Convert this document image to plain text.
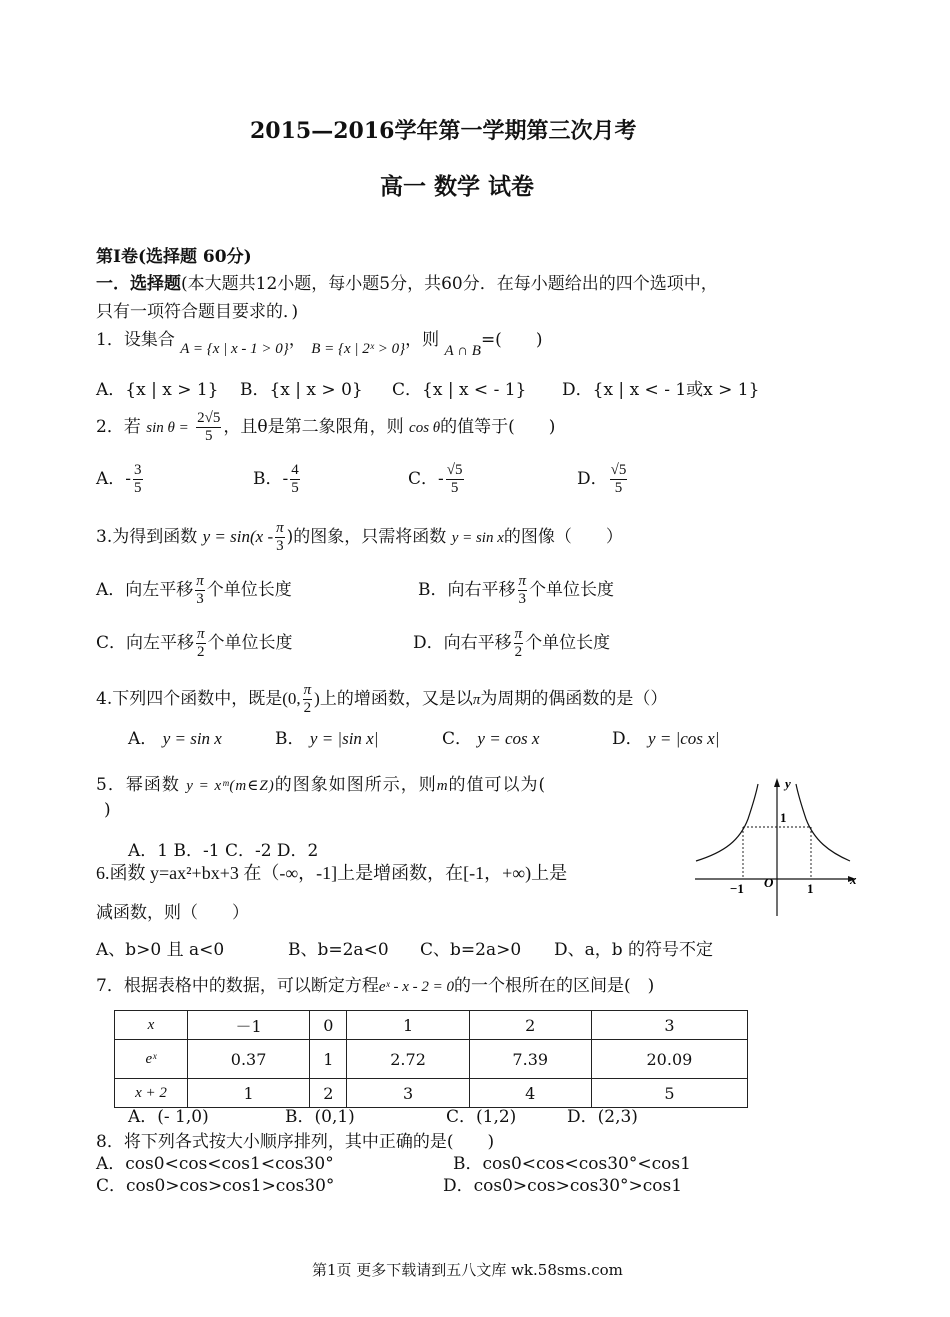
2015—2016学年第一学期第三次月考
高一 数学 试卷
第Ⅰ卷(选择题 60分)
一．选择题(本大题共12小题，每小题5分，共60分．在每小题给出的四个选项中，
只有一项符合题目要求的．)
1．设集合 A = {x | x - 1 > 0}， B = {x | 2ˣ > 0}，则 A ∩ B=(　　)
A．{x | x > 1} B．{x | x > 0} C．{x | x < - 1} D．{x | x < - 1或x > 1}
2．若 $\sin \theta = \frac{2√5}{5}$ ，且θ是第二象限角，则 cos θ的值等于(　　)
A．- $\frac{3}{5}$	B．- $\frac{4}{5}$	C．- $\frac{√5}{5}$	D． $\frac{√5}{5}$
3.为得到函数 $y = \sin(x - \frac{\pi}{3}$ )的图象，只需将函数 y = sin x的图像（　　）
A．向左平移 $\frac{\pi}{3}$ 个单位长度	B．向右平移 $\frac{\pi}{3}$ 个单位长度
C．向左平移 $\frac{\pi}{2}$ 个单位长度	D．向右平移 $\frac{\pi}{2}$ 个单位长度
4.下列四个函数中，既是(0, $\frac{\pi}{2}$ )上的增函数，又是以π为周期的偶函数的是（）
A． y = sin x	B． y = |sin x|	C． y = cos x	D． y = |cos x|
5．幂函数 y = xᵐ(m∈Z)的图象如图所示，则m的值可以为(
)
A．1 B．-1 C．-2 D．2
y
x
O
1
−1	1
6.函数 y=ax²+bx+3 在（-∞，-1]上是增函数，在[-1，+∞)上是
减函数，则（　　）
A、b>0 且 a<0	B、b=2a<0 C、b=2a>0 D、a，b 的符号不定
7．根据表格中的数据，可以断定方程eˣ - x - 2 = 0的一个根所在的区间是(　)
x	－1	0	1	2	3
eˣ	0.37	1	2.72	7.39	20.09
x + 2	1	2	3	4	5
A．(- 1,0)	B．(0,1)	C．(1,2)	D．(2,3)
8．将下列各式按大小顺序排列，其中正确的是(　　)
A．cos0<cos<cos1<cos30°	B．cos0<cos<cos30°<cos1
C．cos0>cos>cos1>cos30°	D．cos0>cos>cos30°>cos1
第1页 更多下载请到五八文库 wk.58sms.com
